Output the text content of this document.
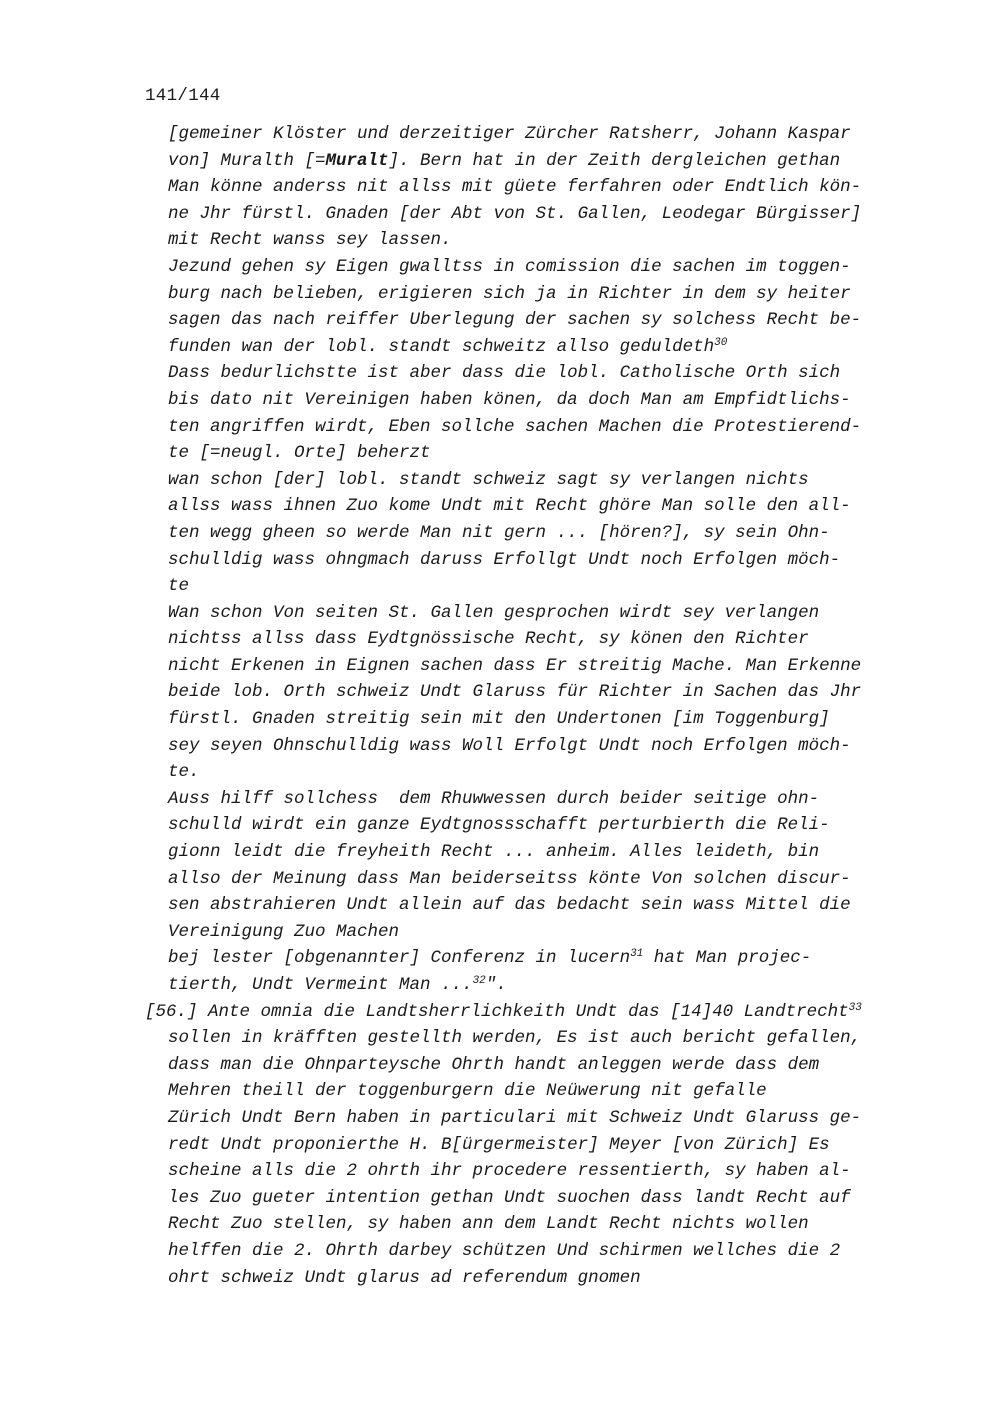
141/144
[gemeiner Klöster und derzeitiger Zürcher Ratsherr, Johann Kaspar
von] Muralth [=Muralt]. Bern hat in der Zeith dergleichen gethan
Man könne anderss nit allss mit güete ferfahren oder Endtlich kön-
ne Jhr fürstl. Gnaden [der Abt von St. Gallen, Leodegar Bürgisser]
mit Recht wanss sey lassen.
Jezund gehen sy Eigen gwalltss in comission die sachen im toggen-
burg nach belieben, erigieren sich ja in Richter in dem sy heiter
sagen das nach reiffer Uberlegung der sachen sy solchess Recht be-
funden wan der lobl. standt schweitz allso geduldeth$^{30}$
Dass bedurlichstte ist aber dass die lobl. Catholische Orth sich
bis dato nit Vereinigen haben könen, da doch Man am Empfidtlichs-
ten angriffen wirdt, Eben sollche sachen Machen die Protestierend-
te [=neugl. Orte] beherzt
wan schon [der] lobl. standt schweiz sagt sy verlangen nichts
allss wass ihnen Zuo kome Undt mit Recht ghöre Man solle den all-
ten wegg gheen so werde Man nit gern ... [hören?], sy sein Ohn-
schulldig wass ohngmach daruss Erfollgt Undt noch Erfolgen möch-
te
Wan schon Von seiten St. Gallen gesprochen wirdt sey verlangen
nichtss allss dass Eydtgnössische Recht, sy könen den Richter
nicht Erkenen in Eignen sachen dass Er streitig Mache. Man Erkenne
beide lob. Orth schweiz Undt Glaruss für Richter in Sachen das Jhr
fürstl. Gnaden streitig sein mit den Undertonen [im Toggenburg]
sey seyen Ohnschulldig wass Woll Erfolgt Undt noch Erfolgen möch-
te.
Auss hilff sollchess  dem Rhuwwessen durch beider seitige ohn-
schulld wirdt ein ganze Eydtgnossschafft perturbierth die Reli-
gionn leidt die freyheith Recht ... anheim. Alles leideth, bin
allso der Meinung dass Man beiderseitss könte Von solchen discur-
sen abstrahieren Undt allein auf das bedacht sein wass Mittel die
Vereinigung Zuo Machen
bej lester [obgenannter] Conferenz in lucern$^{31}$ hat Man projec-
tierth, Undt Vermeint Man ...$^{32}$".
[56.] Ante omnia die Landtsherrlichkeith Undt das [14]40 Landtrecht$^{33}$
sollen in kräfften gestellth werden, Es ist auch bericht gefallen,
dass man die Ohnparteysche Ohrth handt anleggen werde dass dem
Mehren theill der toggenburgern die Neüwerung nit gefalle
Zürich Undt Bern haben in particulari mit Schweiz Undt Glaruss ge-
redt Undt proponierthe H. B[ürgermeister] Meyer [von Zürich] Es
scheine alls die 2 ohrth ihr procedere ressentierth, sy haben al-
les Zuo gueter intention gethan Undt suochen dass landt Recht auf
Recht Zuo stellen, sy haben ann dem Landt Recht nichts wollen
helffen die 2. Ohrth darbey schützen Und schirmen wellches die 2
ohrt schweiz Undt glarus ad referendum gnomen
